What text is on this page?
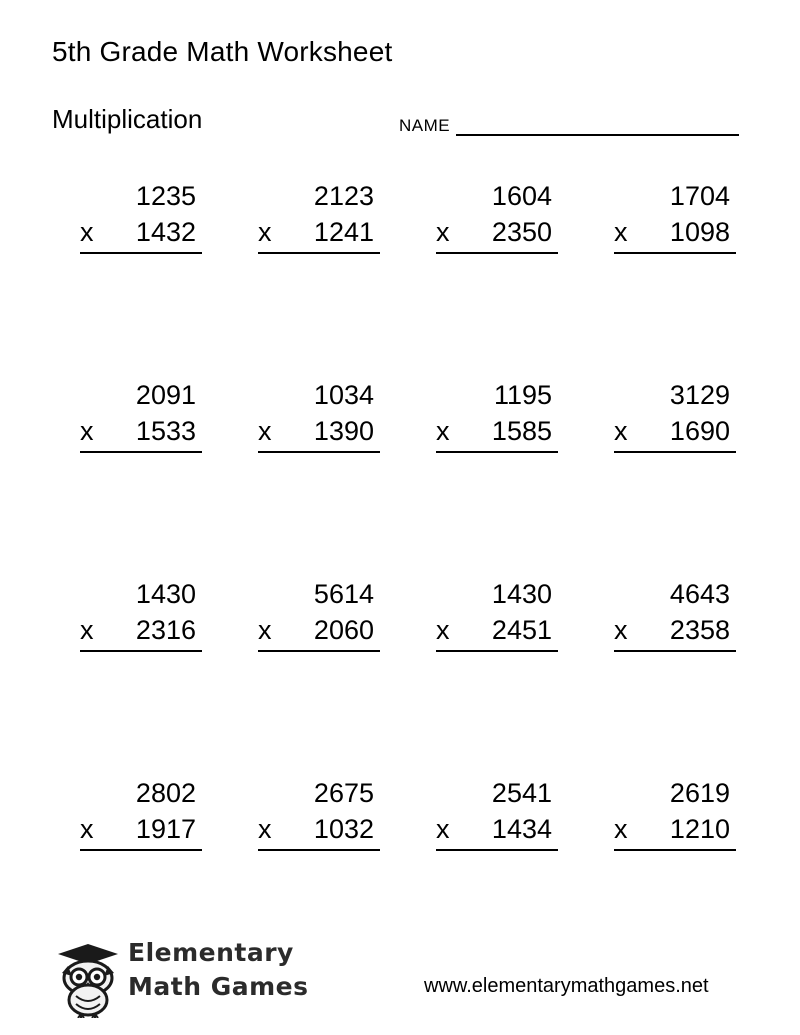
5th Grade Math Worksheet
Multiplication	NAME
1235
x 1432
2123
x 1241
1604
x 2350
1704
x 1098
2091
x 1533
1034
x 1390
1195
x 1585
3129
x 1690
1430
x 2316
5614
x 2060
1430
x 2451
4643
x 2358
2802
x 1917
2675
x 1032
2541
x 1434
2619
x 1210
Elementary
Math Games	www.elementarymathgames.net
